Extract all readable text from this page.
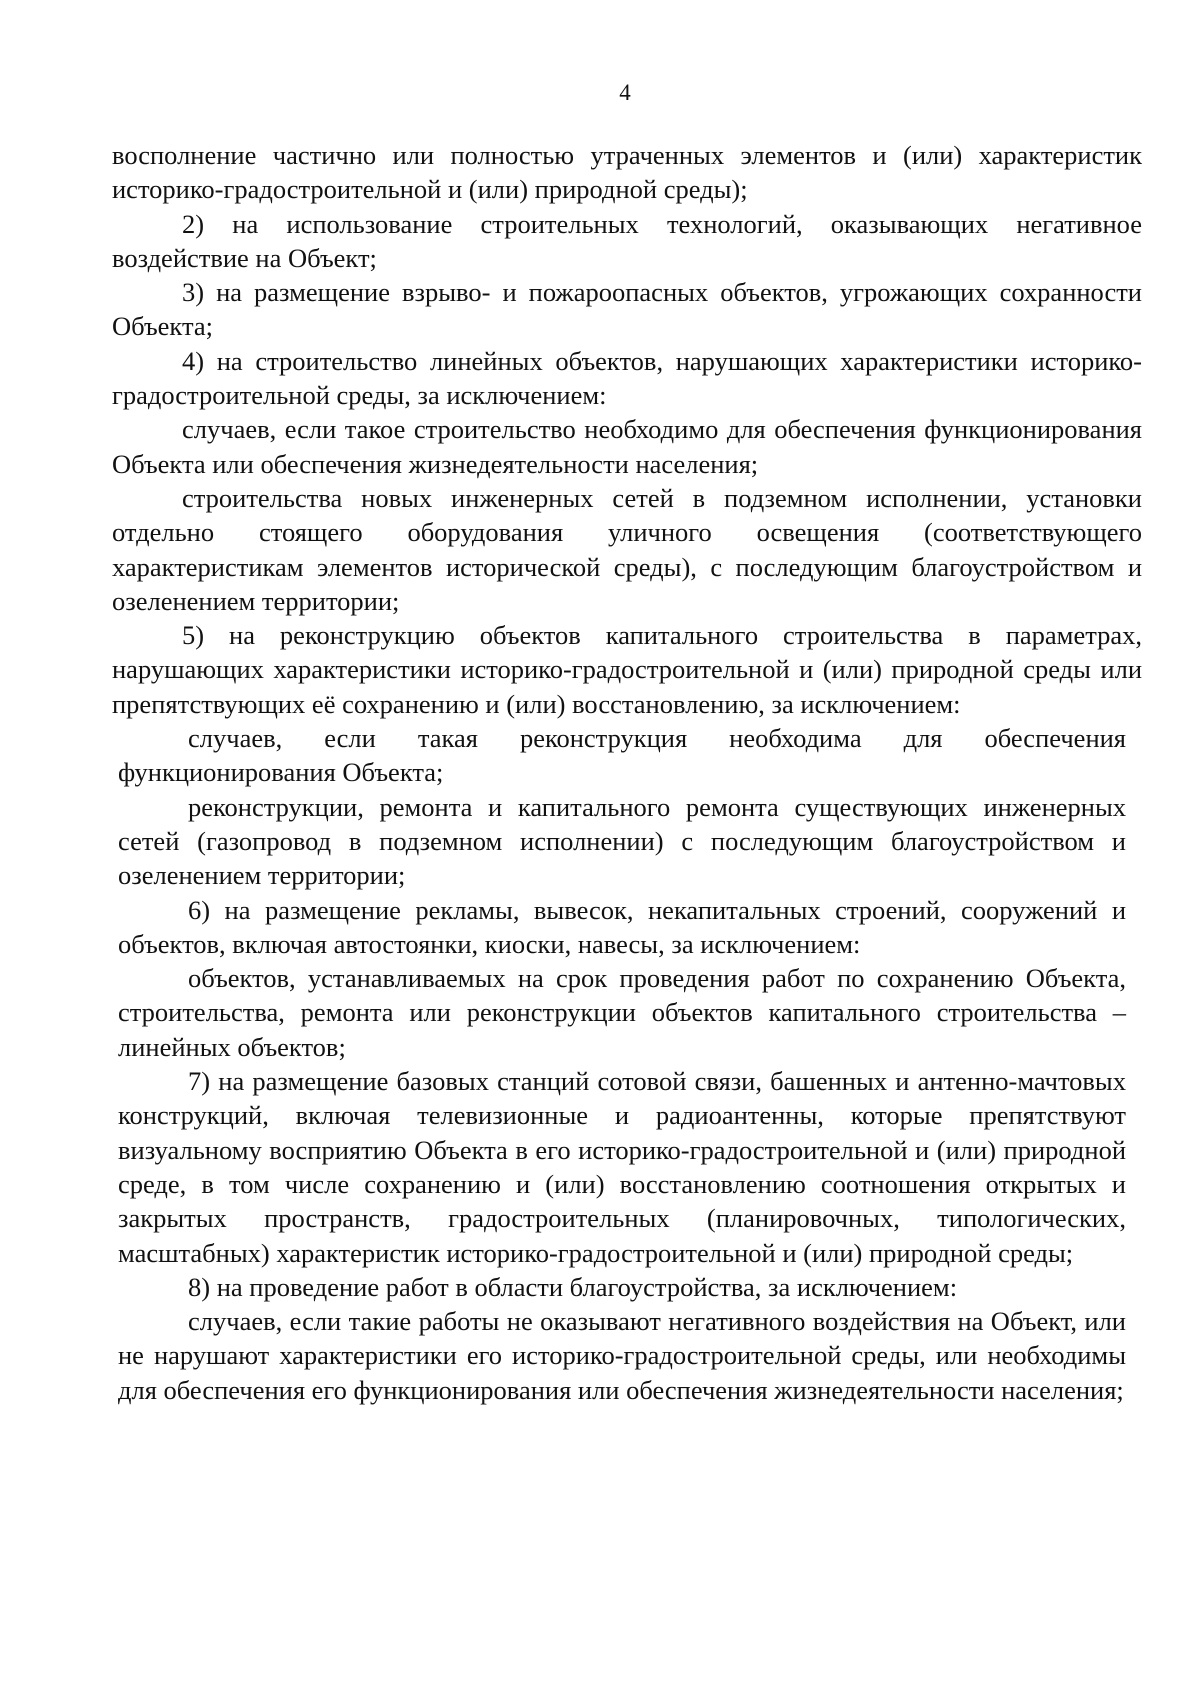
4

восполнение частично или полностью утраченных элементов и (или) характеристик историко-градостроительной и (или) природной среды);

2) на использование строительных технологий, оказывающих негативное воздействие на Объект;

3) на размещение взрыво- и пожароопасных объектов, угрожающих сохранности Объекта;

4) на строительство линейных объектов, нарушающих характеристики историко-градостроительной среды, за исключением:

случаев, если такое строительство необходимо для обеспечения функционирования Объекта или обеспечения жизнедеятельности населения;

строительства новых инженерных сетей в подземном исполнении, установки отдельно стоящего оборудования уличного освещения (соответствующего характеристикам элементов исторической среды), с последующим благоустройством и озеленением территории;

5) на реконструкцию объектов капитального строительства в параметрах, нарушающих характеристики историко-градостроительной и (или) природной среды или препятствующих её сохранению и (или) восстановлению, за исключением:

случаев, если такая реконструкция необходима для обеспечения функционирования Объекта;

реконструкции, ремонта и капитального ремонта существующих инженерных сетей (газопровод в подземном исполнении) с последующим благоустройством и озеленением территории;

6) на размещение рекламы, вывесок, некапитальных строений, сооружений и объектов, включая автостоянки, киоски, навесы, за исключением:

объектов, устанавливаемых на срок проведения работ по сохранению Объекта, строительства, ремонта или реконструкции объектов капитального строительства – линейных объектов;

7) на размещение базовых станций сотовой связи, башенных и антенно-мачтовых конструкций, включая телевизионные и радиоантенны, которые препятствуют визуальному восприятию Объекта в его историко-градостроительной и (или) природной среде, в том числе сохранению и (или) восстановлению соотношения открытых и закрытых пространств, градостроительных (планировочных, типологических, масштабных) характеристик историко-градостроительной и (или) природной среды;

8) на проведение работ в области благоустройства, за исключением:

случаев, если такие работы не оказывают негативного воздействия на Объект, или не нарушают характеристики его историко-градостроительной среды, или необходимы для обеспечения его функционирования или обеспечения жизнедеятельности населения;
